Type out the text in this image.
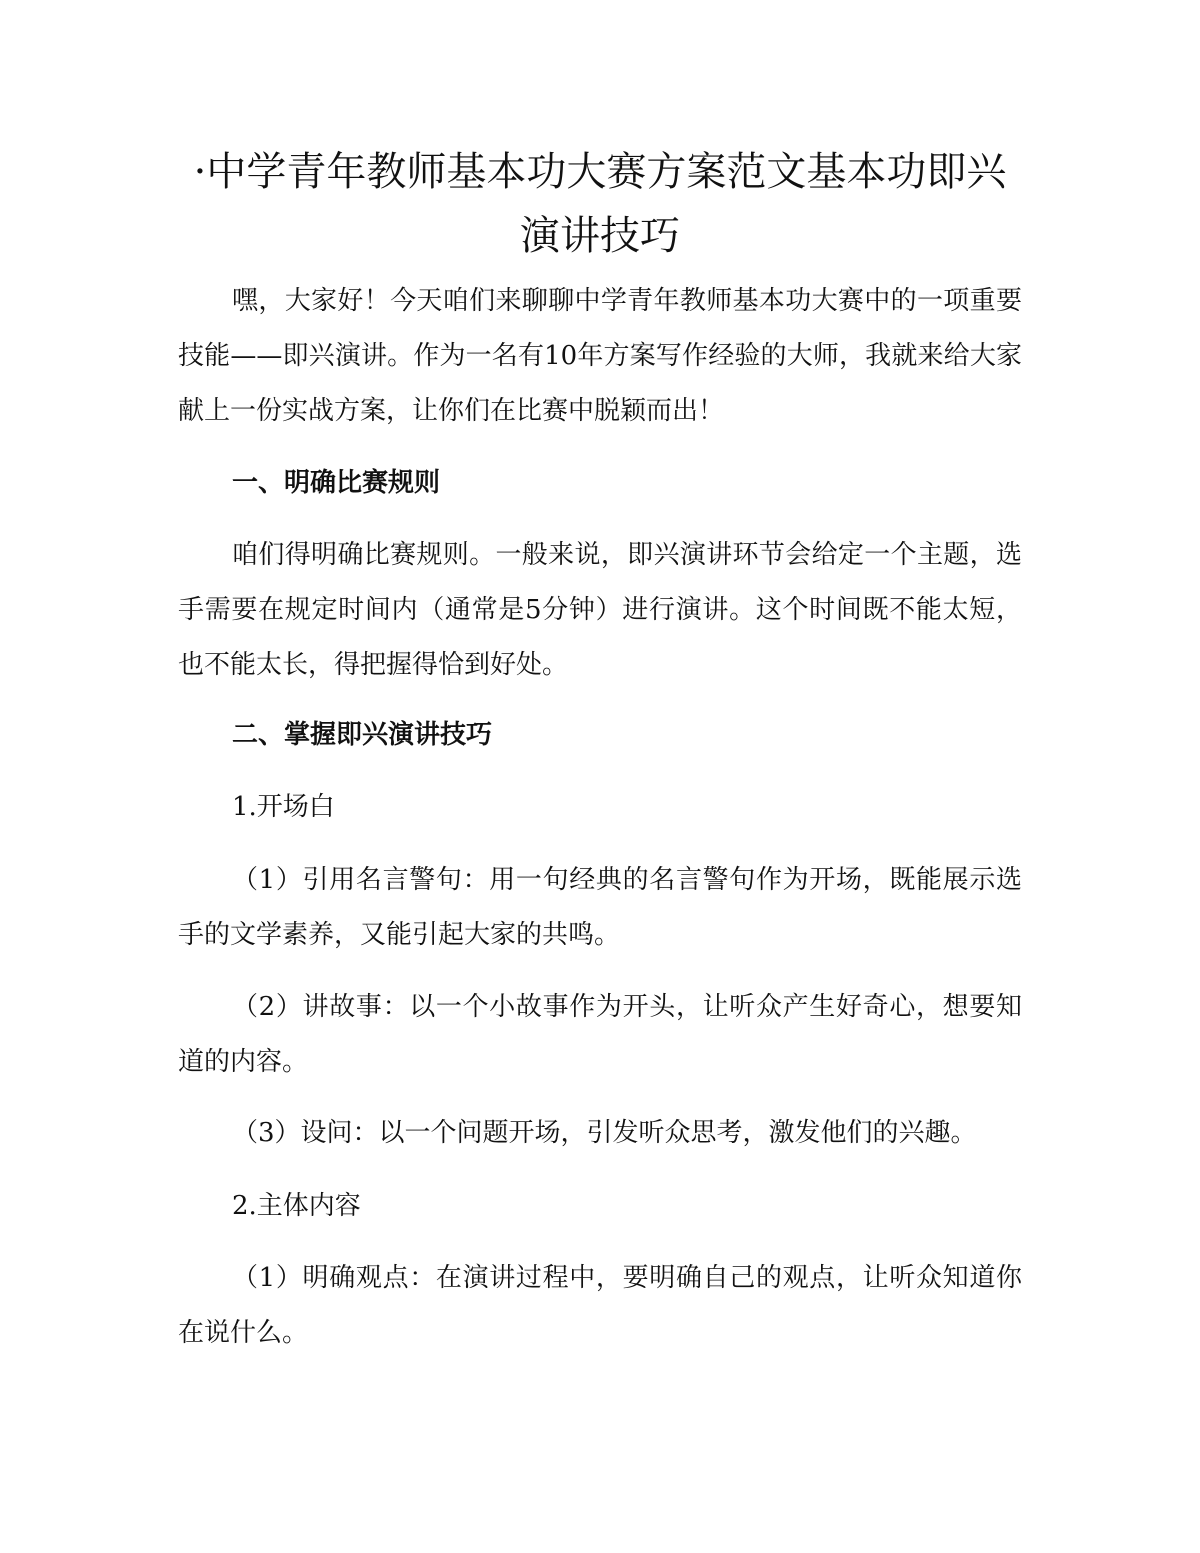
·中学青年教师基本功大赛方案范文基本功即兴演讲技巧

嘿，大家好！今天咱们来聊聊中学青年教师基本功大赛中的一项重要技能——即兴演讲。作为一名有10年方案写作经验的大师，我就来给大家献上一份实战方案，让你们在比赛中脱颖而出！

一、明确比赛规则

咱们得明确比赛规则。一般来说，即兴演讲环节会给定一个主题，选手需要在规定时间内（通常是5分钟）进行演讲。这个时间既不能太短，也不能太长，得把握得恰到好处。

二、掌握即兴演讲技巧

1.开场白

（1）引用名言警句：用一句经典的名言警句作为开场，既能展示选手的文学素养，又能引起大家的共鸣。

（2）讲故事：以一个小故事作为开头，让听众产生好奇心，想要知道的内容。

（3）设问：以一个问题开场，引发听众思考，激发他们的兴趣。

2.主体内容

（1）明确观点：在演讲过程中，要明确自己的观点，让听众知道你在说什么。
